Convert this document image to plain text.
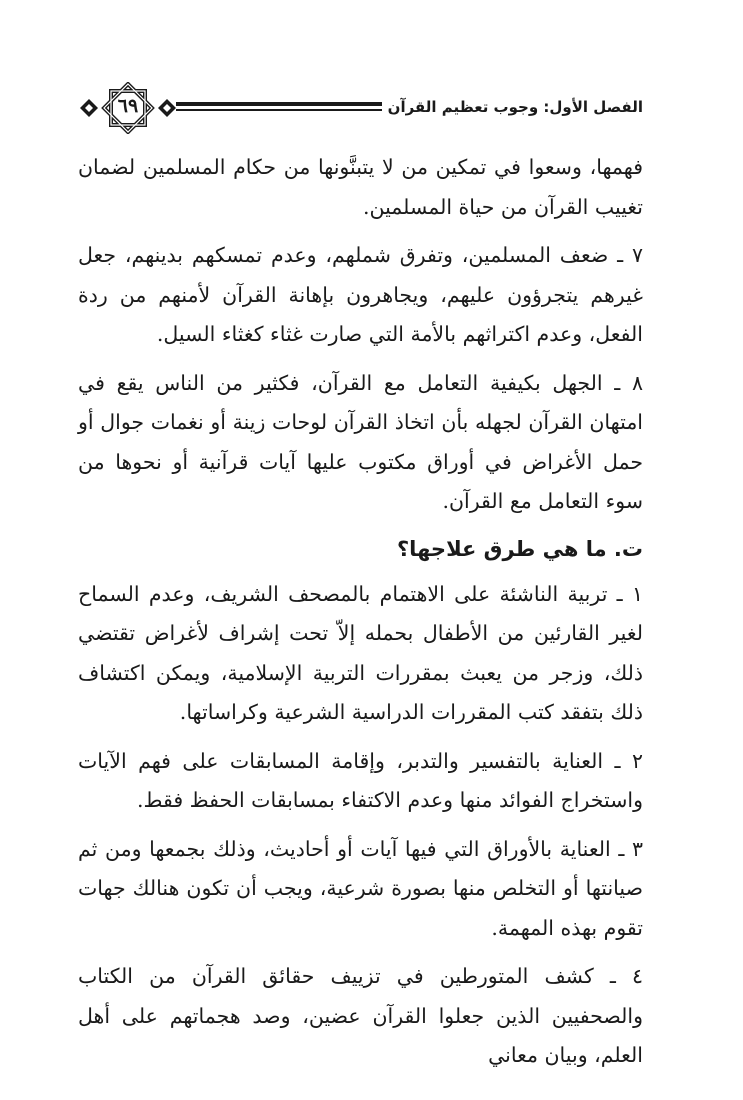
٦٩	الفصل الأول: وجوب تعظيم القرآن

فهمها، وسعوا في تمكين من لا يتبنَّونها من حكام المسلمين لضمان تغييب القرآن من حياة المسلمين.

٧ ـ ضعف المسلمين، وتفرق شملهم، وعدم تمسكهم بدينهم، جعل غيرهم يتجرؤون عليهم، ويجاهرون بإهانة القرآن لأمنهم من ردة الفعل، وعدم اكتراثهم بالأمة التي صارت غثاء كغثاء السيل.

٨ ـ الجهل بكيفية التعامل مع القرآن، فكثير من الناس يقع في امتهان القرآن لجهله بأن اتخاذ القرآن لوحات زينة أو نغمات جوال أو حمل الأغراض في أوراق مكتوب عليها آيات قرآنية أو نحوها من سوء التعامل مع القرآن.

ت. ما هي طرق علاجها؟

١ ـ تربية الناشئة على الاهتمام بالمصحف الشريف، وعدم السماح لغير القارئين من الأطفال بحمله إلاّ تحت إشراف لأغراض تقتضي ذلك، وزجر من يعبث بمقررات التربية الإسلامية، ويمكن اكتشاف ذلك بتفقد كتب المقررات الدراسية الشرعية وكراساتها.

٢ ـ العناية بالتفسير والتدبر، وإقامة المسابقات على فهم الآيات واستخراج الفوائد منها وعدم الاكتفاء بمسابقات الحفظ فقط.

٣ ـ العناية بالأوراق التي فيها آيات أو أحاديث، وذلك بجمعها ومن ثم صيانتها أو التخلص منها بصورة شرعية، ويجب أن تكون هنالك جهات تقوم بهذه المهمة.

٤ ـ كشف المتورطين في تزييف حقائق القرآن من الكتاب والصحفيين الذين جعلوا القرآن عضين، وصد هجماتهم على أهل العلم، وبيان معاني
